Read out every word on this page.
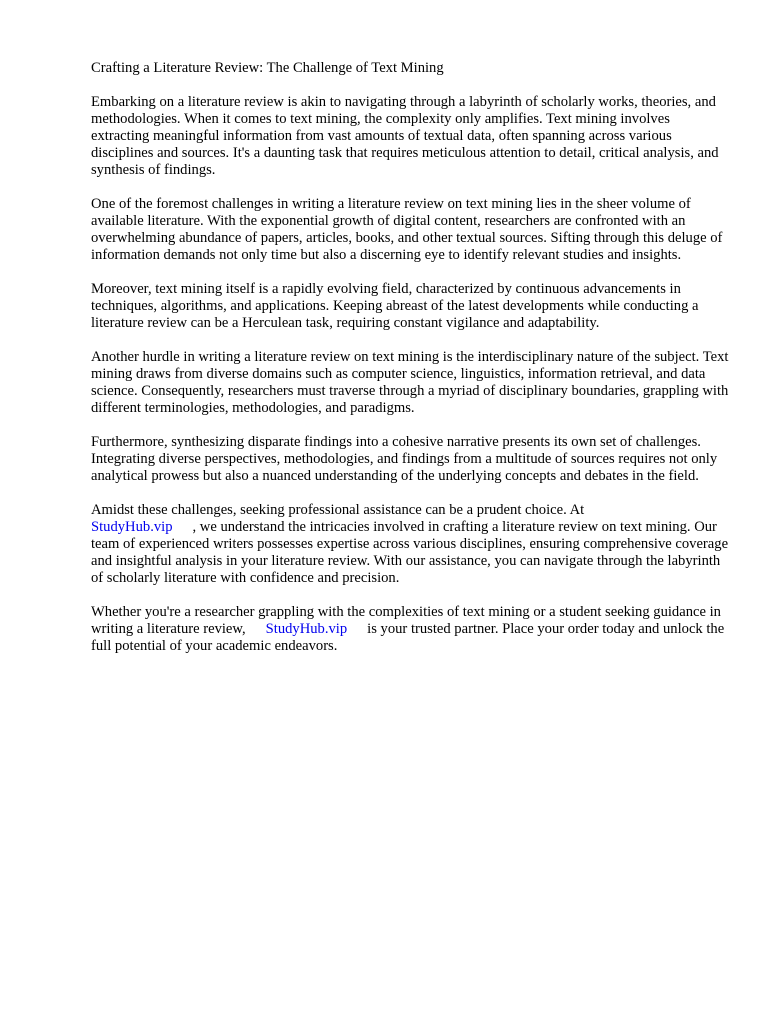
Crafting a Literature Review: The Challenge of Text Mining

Embarking on a literature review is akin to navigating through a labyrinth of scholarly works, theories, and methodologies. When it comes to text mining, the complexity only amplifies. Text mining involves extracting meaningful information from vast amounts of textual data, often spanning across various disciplines and sources. It's a daunting task that requires meticulous attention to detail, critical analysis, and synthesis of findings.

One of the foremost challenges in writing a literature review on text mining lies in the sheer volume of available literature. With the exponential growth of digital content, researchers are confronted with an overwhelming abundance of papers, articles, books, and other textual sources. Sifting through this deluge of information demands not only time but also a discerning eye to identify relevant studies and insights.

Moreover, text mining itself is a rapidly evolving field, characterized by continuous advancements in techniques, algorithms, and applications. Keeping abreast of the latest developments while conducting a literature review can be a Herculean task, requiring constant vigilance and adaptability.

Another hurdle in writing a literature review on text mining is the interdisciplinary nature of the subject. Text mining draws from diverse domains such as computer science, linguistics, information retrieval, and data science. Consequently, researchers must traverse through a myriad of disciplinary boundaries, grappling with different terminologies, methodologies, and paradigms.

Furthermore, synthesizing disparate findings into a cohesive narrative presents its own set of challenges. Integrating diverse perspectives, methodologies, and findings from a multitude of sources requires not only analytical prowess but also a nuanced understanding of the underlying concepts and debates in the field.

Amidst these challenges, seeking professional assistance can be a prudent choice. At
StudyHub.vip , we understand the intricacies involved in crafting a literature review on text mining. Our team of experienced writers possesses expertise across various disciplines, ensuring comprehensive coverage and insightful analysis in your literature review. With our assistance, you can navigate through the labyrinth of scholarly literature with confidence and precision.

Whether you're a researcher grappling with the complexities of text mining or a student seeking guidance in writing a literature review, StudyHub.vip is your trusted partner. Place your order today and unlock the full potential of your academic endeavors.
